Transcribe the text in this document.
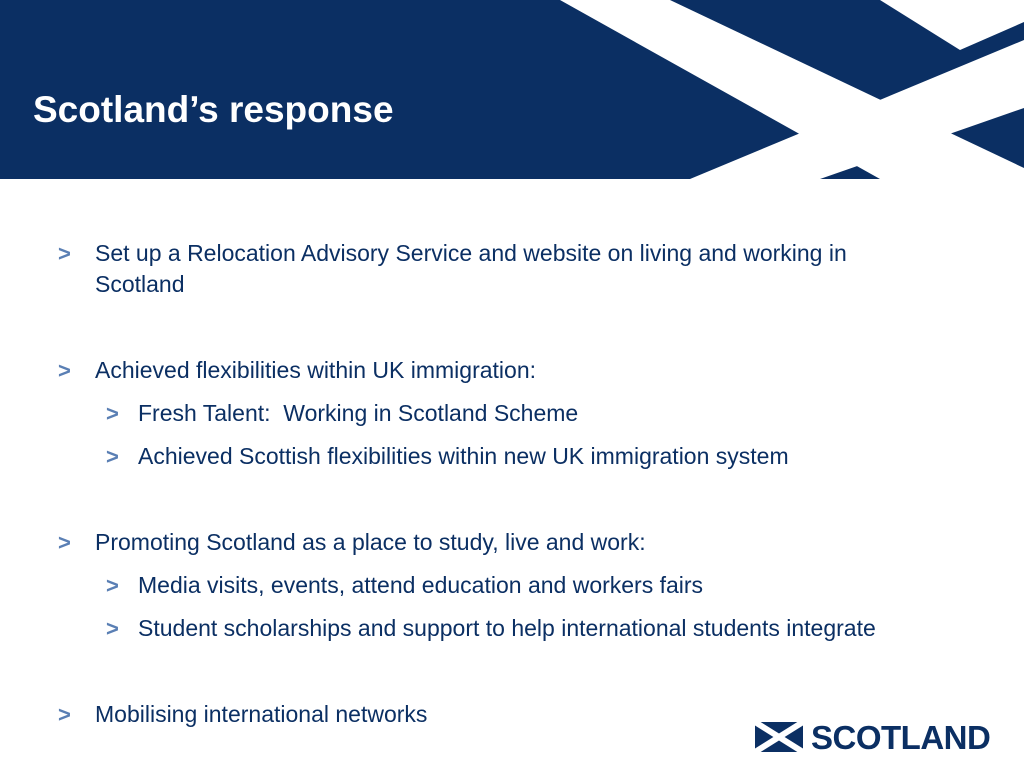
Scotland’s response
> Set up a Relocation Advisory Service and website on living and working in
Scotland
> Achieved flexibilities within UK immigration:
> Fresh Talent:  Working in Scotland Scheme
> Achieved Scottish flexibilities within new UK immigration system
> Promoting Scotland as a place to study, live and work:
> Media visits, events, attend education and workers fairs
> Student scholarships and support to help international students integrate
> Mobilising international networks
SCOTLAND
